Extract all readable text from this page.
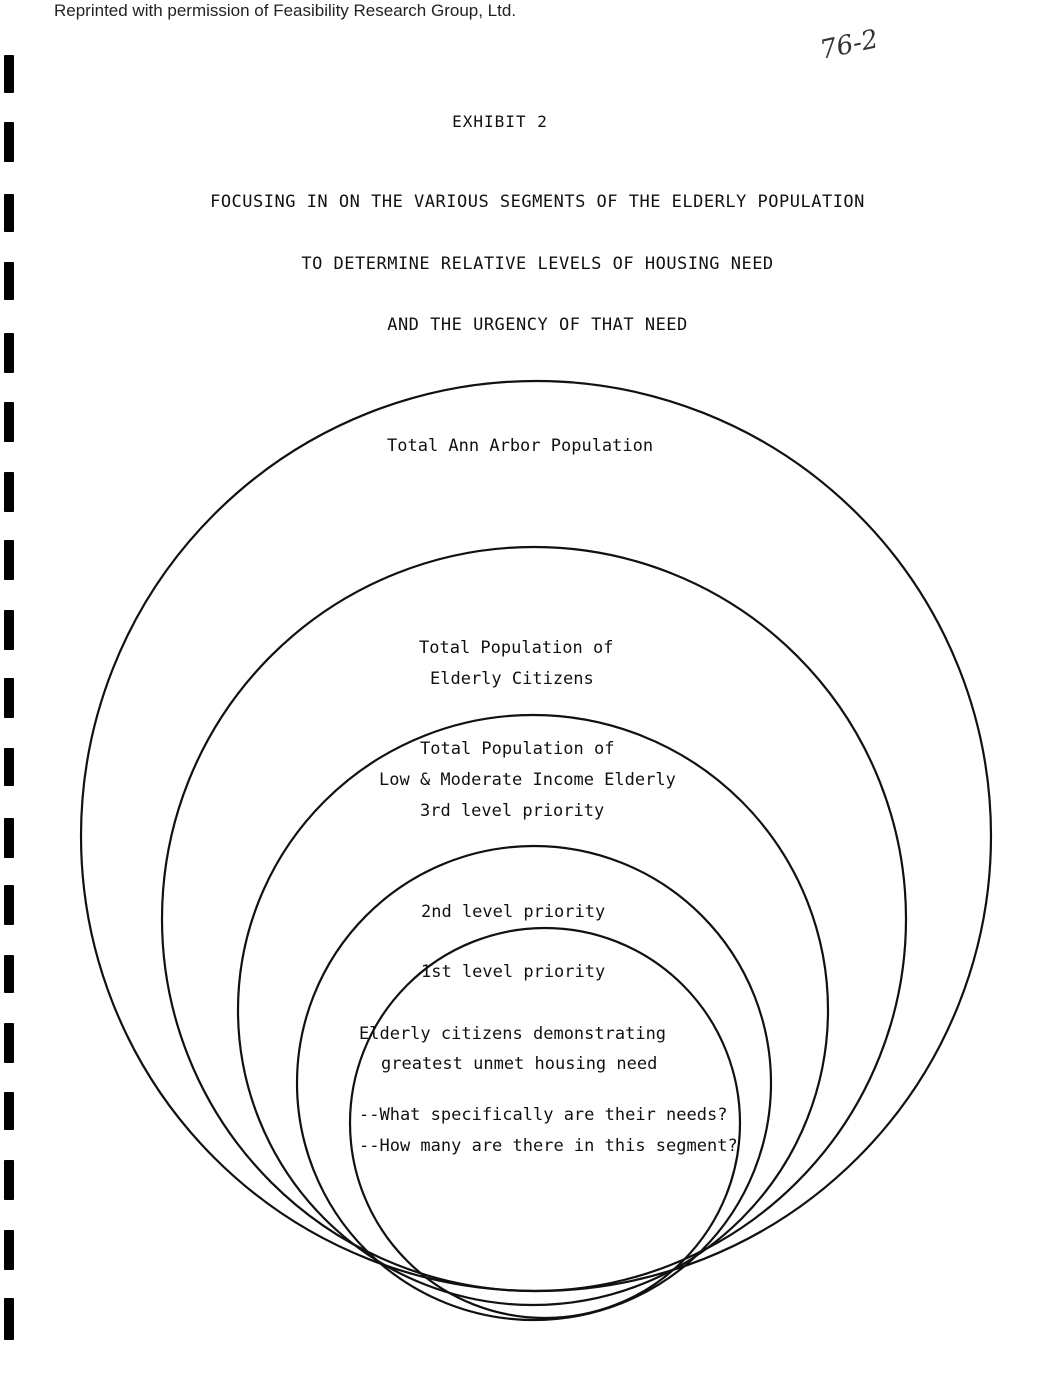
Reprinted with permission of Feasibility Research Group, Ltd.
76-2
EXHIBIT 2
FOCUSING IN ON THE VARIOUS SEGMENTS OF THE ELDERLY POPULATION
TO DETERMINE RELATIVE LEVELS OF HOUSING NEED
AND THE URGENCY OF THAT NEED
Total Ann Arbor Population
Total Population of
Elderly Citizens
Total Population of
Low & Moderate Income Elderly
3rd level priority
2nd level priority
1st level priority
Elderly citizens demonstrating
greatest unmet housing need
--What specifically are their needs?
--How many are there in this segment?
